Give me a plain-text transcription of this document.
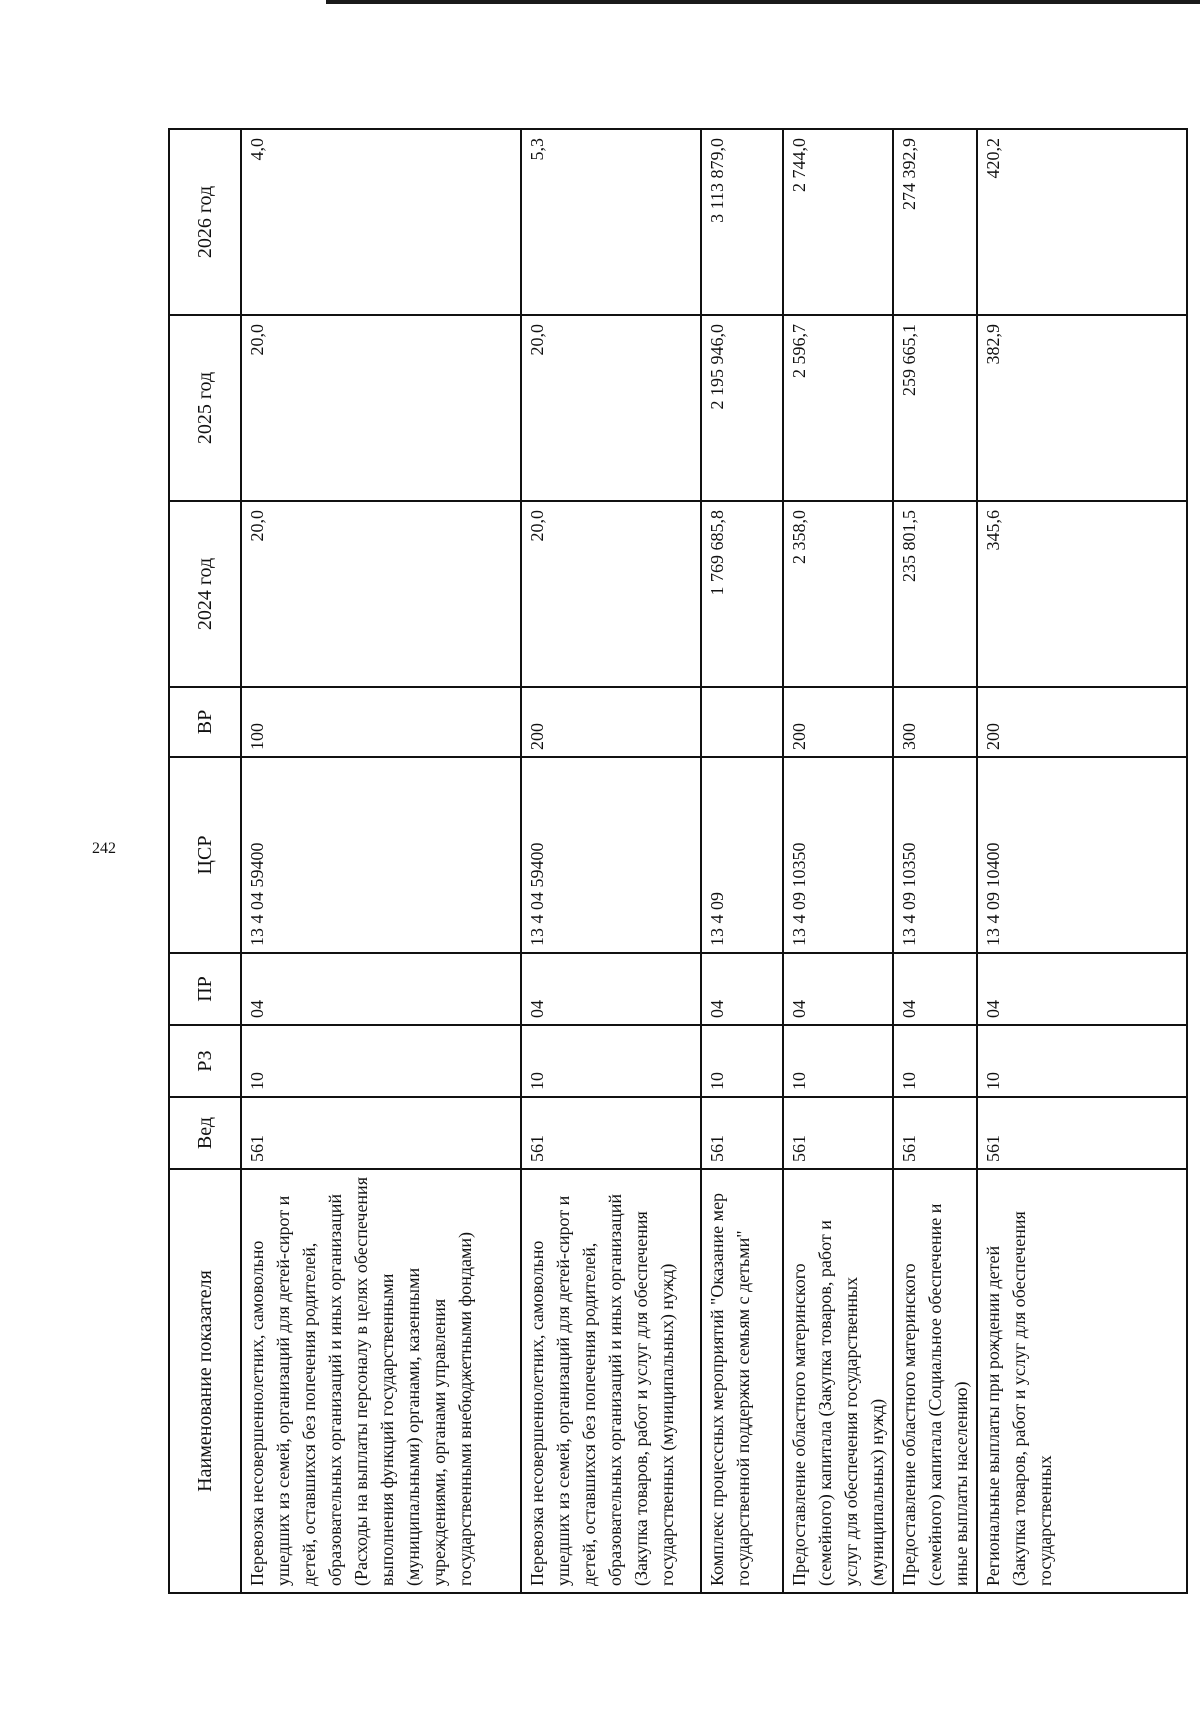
242
Наименование показателя	Вед	РЗ	ПР	ЦСР	ВР	2024 год	2025 год	2026 год
Перевозка несовершеннолетних, самовольно ушедших из семей, организаций для детей-сирот и детей, оставшихся без попечения родителей, образовательных организаций и иных организаций (Расходы на выплаты персоналу в целях обеспечения выполнения функций государственными (муниципальными) органами, казенными учреждениями, органами управления государственными внебюджетными фондами)	561	10	04	13 4 04 59400	100	20,0	20,0	4,0
Перевозка несовершеннолетних, самовольно ушедших из семей, организаций для детей-сирот и детей, оставшихся без попечения родителей, образовательных организаций и иных организаций (Закупка товаров, работ и услуг для обеспечения государственных (муниципальных) нужд)	561	10	04	13 4 04 59400	200	20,0	20,0	5,3
Комплекс процессных мероприятий "Оказание мер государственной поддержки семьям с детьми"	561	10	04	13 4 09		1 769 685,8	2 195 946,0	3 113 879,0
Предоставление областного материнского (семейного) капитала (Закупка товаров, работ и услуг для обеспечения государственных (муниципальных) нужд)	561	10	04	13 4 09 10350	200	2 358,0	2 596,7	2 744,0
Предоставление областного материнского (семейного) капитала (Социальное обеспечение и иные выплаты населению)	561	10	04	13 4 09 10350	300	235 801,5	259 665,1	274 392,9
Региональные выплаты при рождении детей (Закупка товаров, работ и услуг для обеспечения государственных	561	10	04	13 4 09 10400	200	345,6	382,9	420,2
